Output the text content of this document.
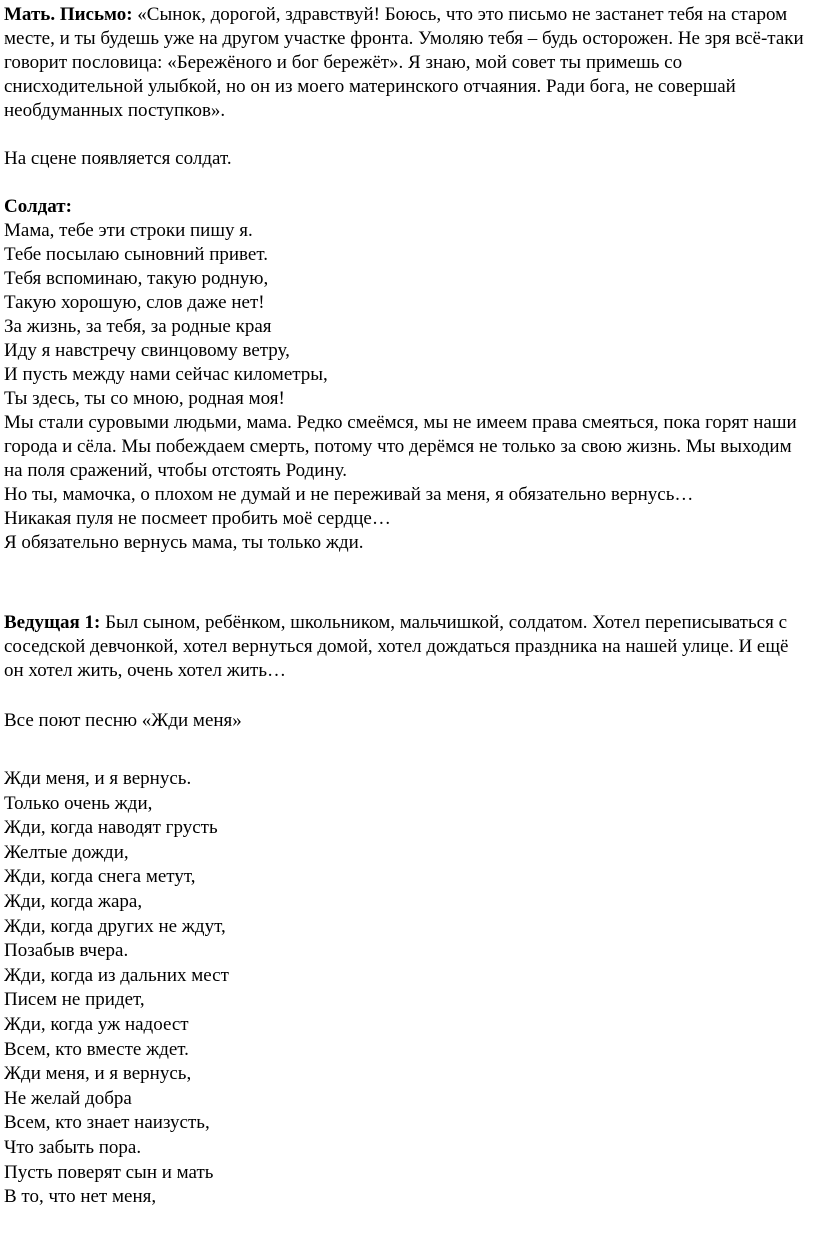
Мать. Письмо: «Сынок, дорогой, здравствуй! Боюсь, что это письмо не застанет тебя на старом месте, и ты будешь уже на другом участке фронта. Умоляю тебя – будь осторожен. Не зря всё-таки говорит пословица: «Бережёного и бог бережёт». Я знаю, мой совет ты примешь со снисходительной улыбкой, но он из моего материнского отчаяния. Ради бога, не совершай необдуманных поступков».

На сцене появляется солдат.

Солдат:

Мама, тебе эти строки пишу я.
Тебе посылаю сыновний привет.
Тебя вспоминаю, такую родную,
Такую хорошую, слов даже нет!
За жизнь, за тебя, за родные края
Иду я навстречу свинцовому ветру,
И пусть между нами сейчас километры,
Ты здесь, ты со мною, родная моя!

Мы стали суровыми людьми, мама. Редко смеёмся, мы не имеем права смеяться, пока горят наши города и сёла. Мы побеждаем смерть, потому что дерёмся не только за свою жизнь. Мы выходим на поля сражений, чтобы отстоять Родину.

Но ты, мамочка, о плохом не думай и не переживай за меня, я обязательно вернусь…
Никакая пуля не посмеет пробить моё сердце…
Я обязательно вернусь мама, ты только жди.

Ведущая 1: Был сыном, ребёнком, школьником, мальчишкой, солдатом. Хотел переписываться с соседской девчонкой, хотел вернуться домой, хотел дождаться праздника на нашей улице. И ещё он хотел жить, очень хотел жить…

Все поют песню «Жди меня»

Жди меня, и я вернусь.
Только очень жди,
Жди, когда наводят грусть
Желтые дожди,
Жди, когда снега метут,
Жди, когда жара,
Жди, когда других не ждут,
Позабыв вчера.
Жди, когда из дальних мест
Писем не придет,
Жди, когда уж надоест
Всем, кто вместе ждет.
Жди меня, и я вернусь,
Не желай добра
Всем, кто знает наизусть,
Что забыть пора.
Пусть поверят сын и мать
В то, что нет меня,
